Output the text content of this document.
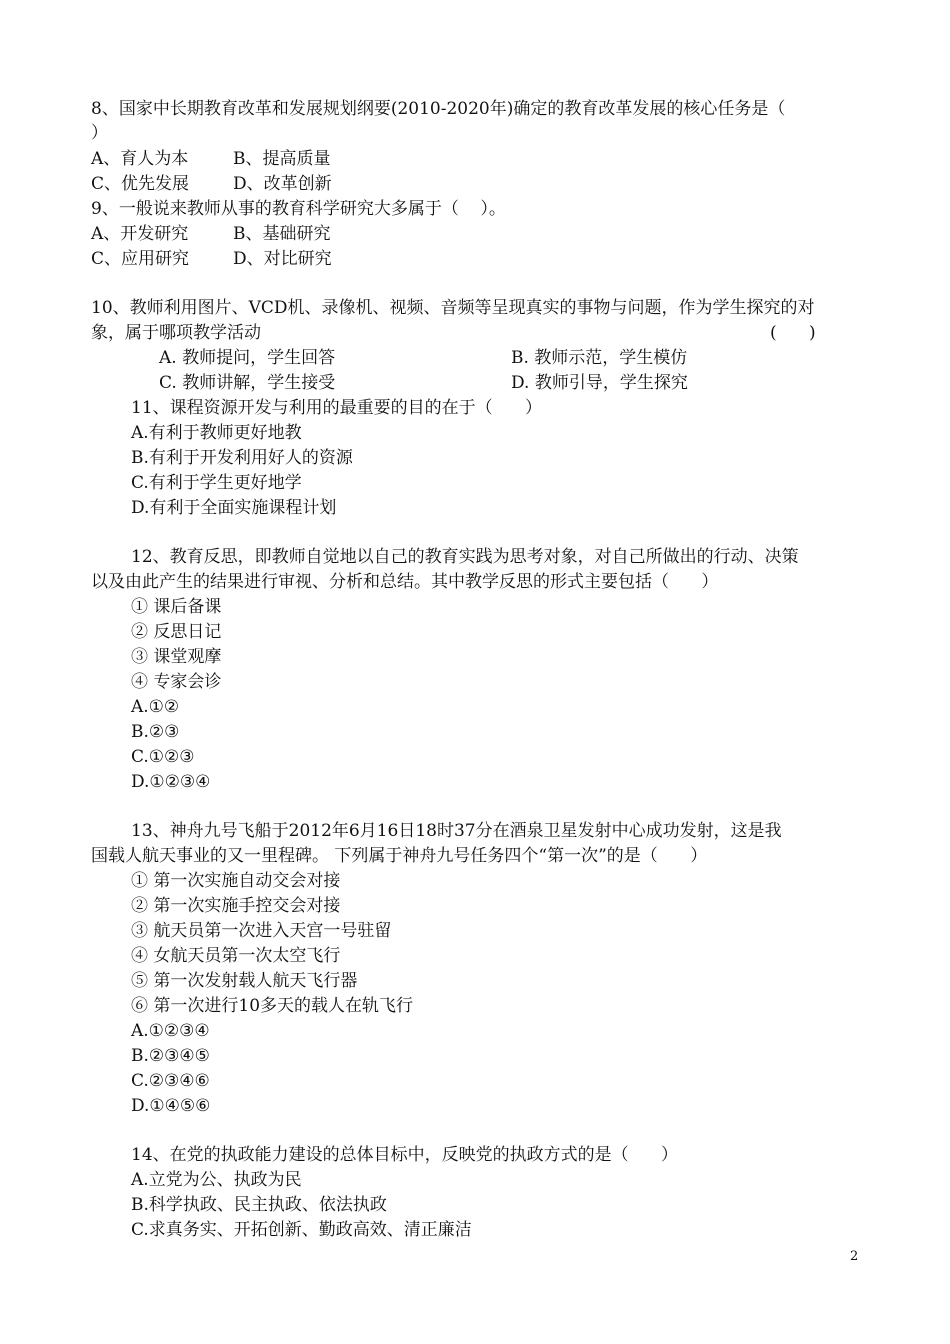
8、国家中长期教育改革和发展规划纲要(2010-2020年)确定的教育改革发展的核心任务是（
）
A、育人为本	B、提高质量
C、优先发展	D、改革创新
9、一般说来教师从事的教育科学研究大多属于（    ）。
A、开发研究	B、基础研究
C、应用研究	D、对比研究
10、教师利用图片、VCD机、录像机、视频、音频等呈现真实的事物与问题，作为学生探究的对
象，属于哪项教学活动	(      )
A. 教师提问，学生回答	B. 教师示范，学生模仿
C. 教师讲解，学生接受	D. 教师引导，学生探究
11、课程资源开发与利用的最重要的目的在于（      ）
A.有利于教师更好地教
B.有利于开发利用好人的资源
C.有利于学生更好地学
D.有利于全面实施课程计划
12、教育反思，即教师自觉地以自己的教育实践为思考对象，对自己所做出的行动、决策
以及由此产生的结果进行审视、分析和总结。其中教学反思的形式主要包括（      ）
① 课后备课
② 反思日记
③ 课堂观摩
④ 专家会诊
A.①②
B.②③
C.①②③
D.①②③④
13、神舟九号飞船于2012年6月16日18时37分在酒泉卫星发射中心成功发射，这是我
国载人航天事业的又一里程碑。 下列属于神舟九号任务四个“第一次”的是（      ）
① 第一次实施自动交会对接
② 第一次实施手控交会对接
③ 航天员第一次进入天宫一号驻留
④ 女航天员第一次太空飞行
⑤ 第一次发射载人航天飞行器
⑥ 第一次进行10多天的载人在轨飞行
A.①②③④
B.②③④⑤
C.②③④⑥
D.①④⑤⑥
14、在党的执政能力建设的总体目标中，反映党的执政方式的是（      ）
A.立党为公、执政为民
B.科学执政、民主执政、依法执政
C.求真务实、开拓创新、勤政高效、清正廉洁
2
